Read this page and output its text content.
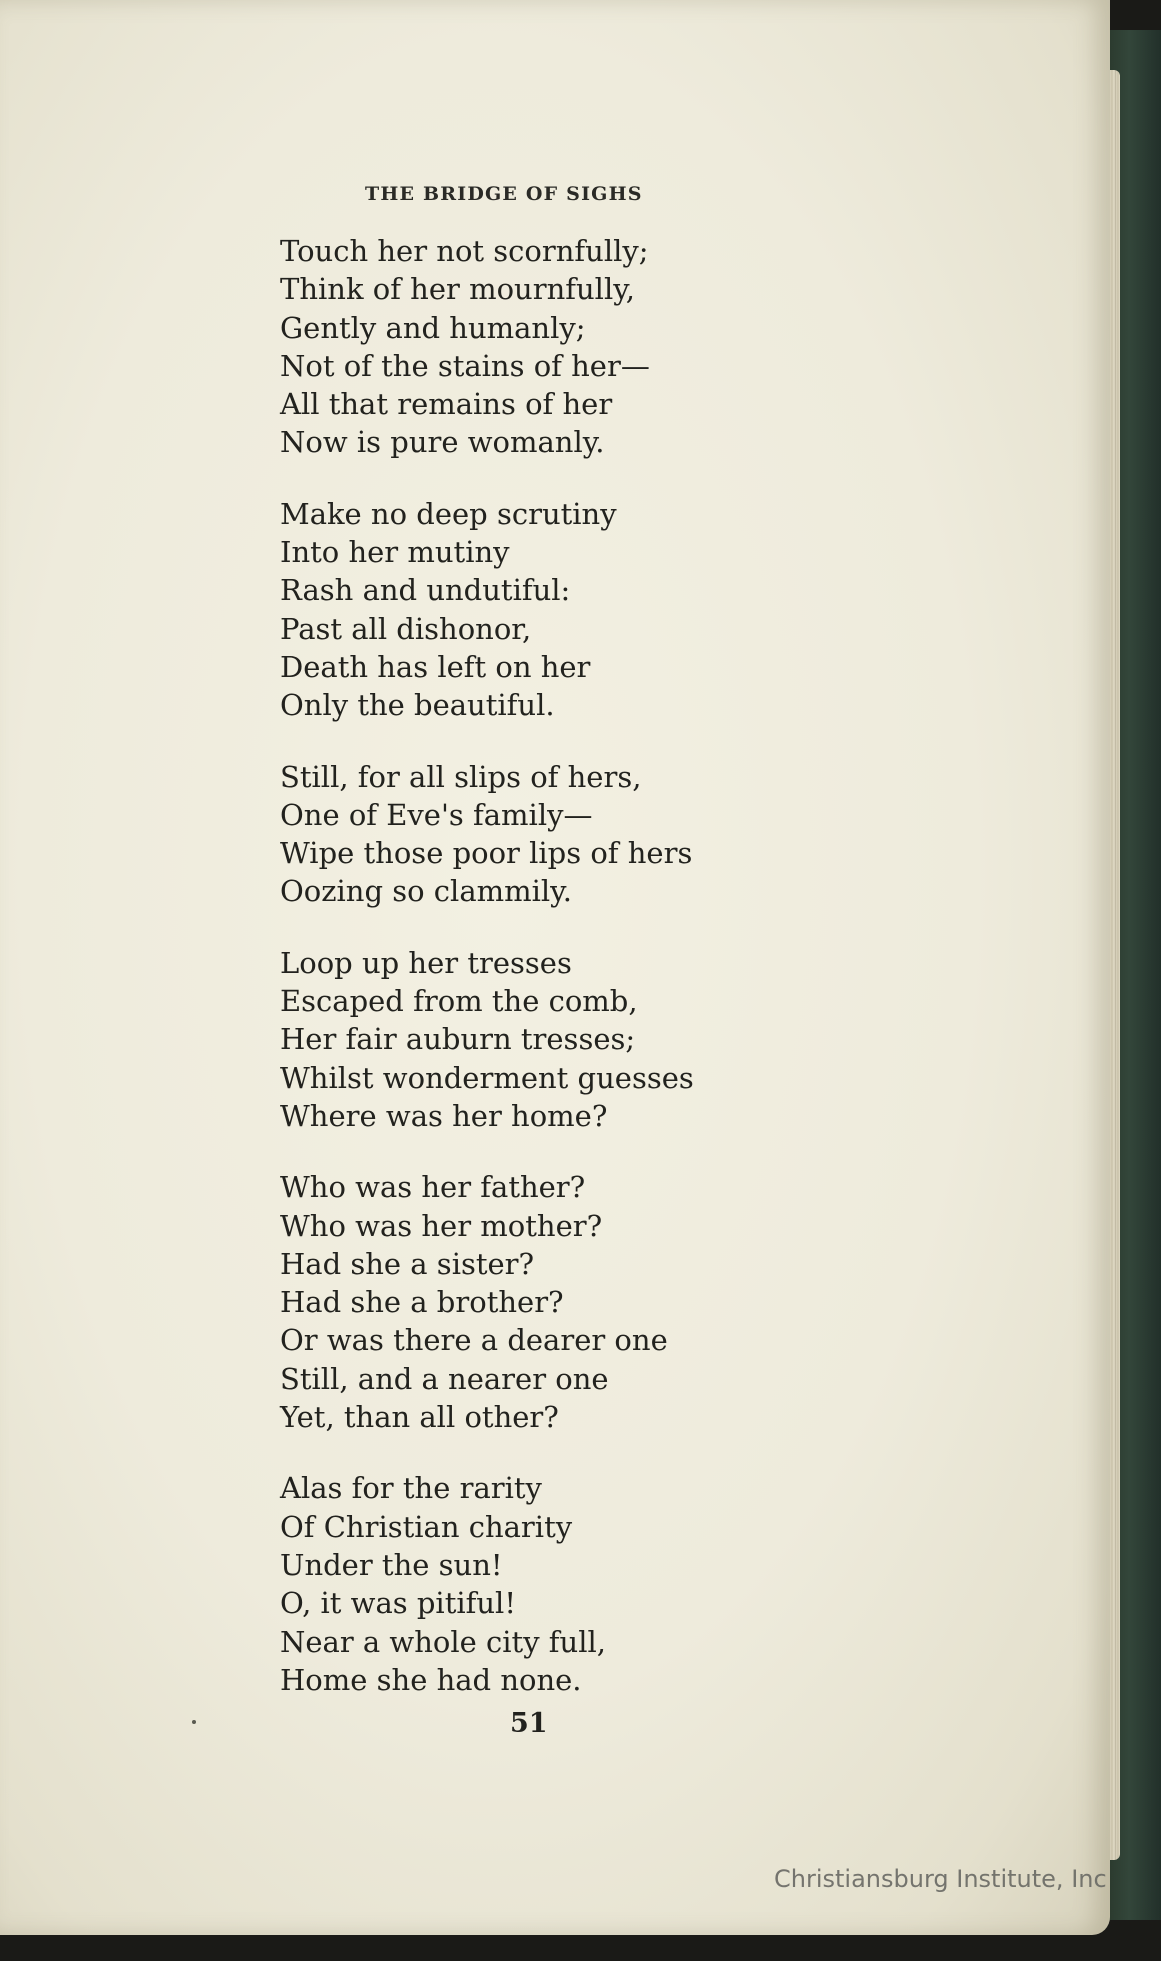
THE BRIDGE OF SIGHS
Touch her not scornfully;
Think of her mournfully,
Gently and humanly;
Not of the stains of her—
All that remains of her
Now is pure womanly.
Make no deep scrutiny
Into her mutiny
Rash and undutiful:
Past all dishonor,
Death has left on her
Only the beautiful.
Still, for all slips of hers,
One of Eve's family—
Wipe those poor lips of hers
Oozing so clammily.
Loop up her tresses
Escaped from the comb,
Her fair auburn tresses;
Whilst wonderment guesses
Where was her home?
Who was her father?
Who was her mother?
Had she a sister?
Had she a brother?
Or was there a dearer one
Still, and a nearer one
Yet, than all other?
Alas for the rarity
Of Christian charity
Under the sun!
O, it was pitiful!
Near a whole city full,
Home she had none.
51
Christiansburg Institute, Inc
